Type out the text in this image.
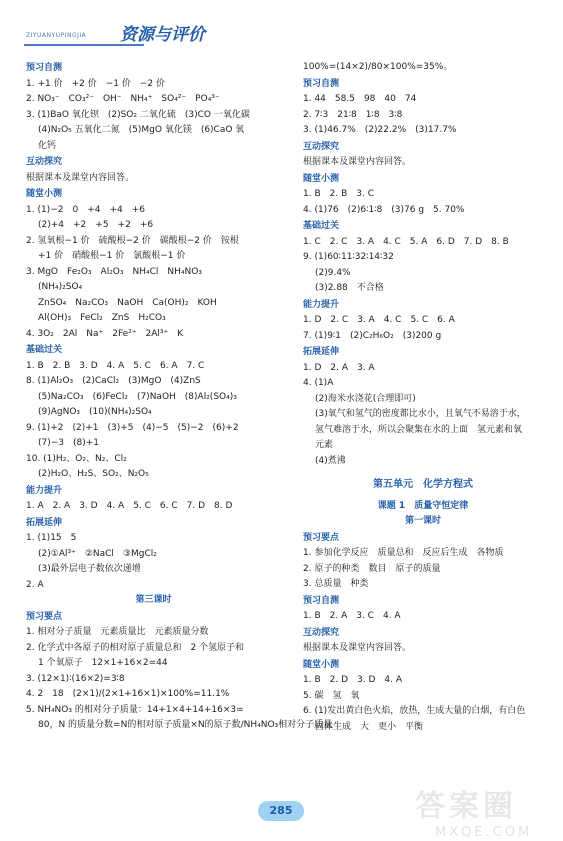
ZIYUANYUPINGJIA 资源与评价
预习自测
1. +1 价　+2 价　−1 价　−2 价
2. NO₃⁻　CO₃²⁻　OH⁻　NH₄⁺　SO₄²⁻　PO₄³⁻
3. (1)BaO 氧化钡　(2)SO₂ 二氧化硫　(3)CO 一氧化碳
(4)N₂O₅ 五氧化二氮　(5)MgO 氧化镁　(6)CaO 氧
化钙
互动探究
根据课本及课堂内容回答。
随堂小测
1. (1)−2　0　+4　+4　+6
(2)+4　+2　+5　+2　+6
2. 氢氧根−1 价　硫酸根−2 价　碳酸根−2 价　铵根
+1 价　硝酸根−1 价　氯酸根−1 价
3. MgO　Fe₂O₃　Al₂O₃　NH₄Cl　NH₄NO₃
(NH₄)₂SO₄
ZnSO₄　Na₂CO₃　NaOH　Ca(OH)₂　KOH
Al(OH)₃　FeCl₂　ZnS　H₂CO₃
4. 3O₂　2Al　Na⁺　2Fe²⁺　2Al³⁺　K
基础过关
1. B　2. B　3. D　4. A　5. C　6. A　7. C
8. (1)Al₂O₃　(2)CaCl₂　(3)MgO　(4)ZnS
(5)Na₂CO₃　(6)FeCl₂　(7)NaOH　(8)Al₂(SO₄)₃
(9)AgNO₃　(10)(NH₄)₂SO₄
9. (1)+2　(2)+1　(3)+5　(4)−5　(5)−2　(6)+2
(7)−3　(8)+1
10. (1)H₂、O₂、N₂、Cl₂
(2)H₂O、H₂S、SO₂、N₂O₅
能力提升
1. A　2. A　3. D　4. A　5. C　6. C　7. D　8. D
拓展延伸
1. (1)15　5
(2)①Al³⁺　②NaCl　③MgCl₂
(3)最外层电子数依次递增
2. A
第三课时
预习要点
1. 相对分子质量　元素质量比　元素质量分数
2. 化学式中各原子的相对原子质量总和　2 个氢原子和
1 个氧原子　12×1+16×2=44
3. (12×1)∶(16×2)=3∶8
4. 2　18　(2×1)/(2×1+16×1)×100%=11.1%
5. NH₄NO₃ 的相对分子质量：14+1×4+14+16×3=
80，N 的质量分数=N的相对原子质量×N的原子数/NH₄NO₃相对分子质量
100%=(14×2)/80×100%=35%。
预习自测
1. 44　58.5　98　40　74
2. 7∶3　21∶8　1∶8　3∶8
3. (1)46.7%　(2)22.2%　(3)17.7%
互动探究
根据课本及课堂内容回答。
随堂小测
1. B　2. B　3. C
4. (1)76　(2)6∶1∶8　(3)76 g　5. 70%
基础过关
1. C　2. C　3. A　4. C　5. A　6. D　7. D　8. B
9. (1)60∶11∶32∶14∶32
(2)9.4%
(3)2.88　不合格
能力提升
1. D　2. C　3. A　4. C　5. C　6. A
7. (1)9∶1　(2)C₂H₆O₂　(3)200 g
拓展延伸
1. D　2. A　3. A
4. (1)A
(2)海米水浇花(合理即可)
(3)氧气和氢气的密度都比水小，且氧气不易溶于水，
氢气难溶于水，所以会聚集在水的上面　氢元素和氧
元素
(4)煮沸
第五单元　化学方程式
课题 1　质量守恒定律
第一课时
预习要点
1. 参加化学反应　质量总和　反应后生成　各物质
2. 原子的种类　数目　原子的质量
3. 总质量　种类
预习自测
1. B　2. A　3. C　4. A
互动探究
根据课本及课堂内容回答。
随堂小测
1. B　2. D　3. D　4. A
5. 碳　氢　氧
6. (1)发出黄白色火焰，放热，生成大量的白烟，有白色
固体生成　大　更小　平衡
285	答案圈
MXQE.COM
